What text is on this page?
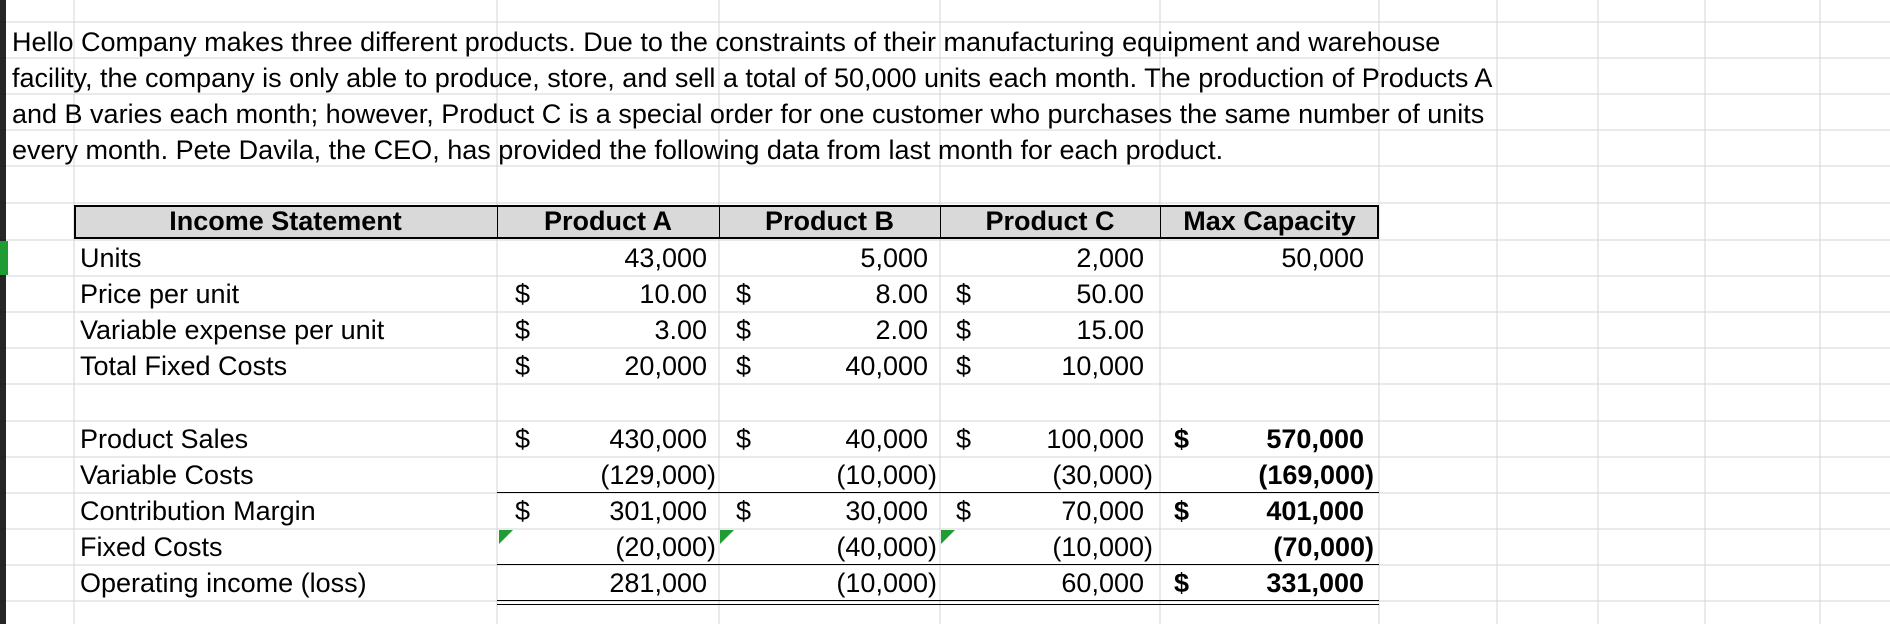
Hello Company makes three different products. Due to the constraints of their manufacturing equipment and warehouse
facility, the company is only able to produce, store, and sell a total of 50,000 units each month. The production of Products A
and B varies each month; however, Product C is a special order for one customer who purchases the same number of units
every month. Pete Davila, the CEO, has provided the following data from last month for each product.
Income Statement	Product A	Product B	Product C	Max Capacity
Units	43,000	5,000	2,000	50,000
Price per unit	$	10.00 $	8.00 $	50.00
Variable expense per unit	$	3.00 $	2.00 $	15.00
Total Fixed Costs	$	20,000 $	40,000 $	10,000
Product Sales	$	430,000 $	40,000 $	100,000 $	570,000
Variable Costs	(129,000)	(10,000)	(30,000)	(169,000)
Contribution Margin	$	301,000 $	30,000 $	70,000 $	401,000
Fixed Costs	(20,000)	(40,000)	(10,000)	(70,000)
Operating income (loss)	281,000	(10,000)	60,000 $	331,000
